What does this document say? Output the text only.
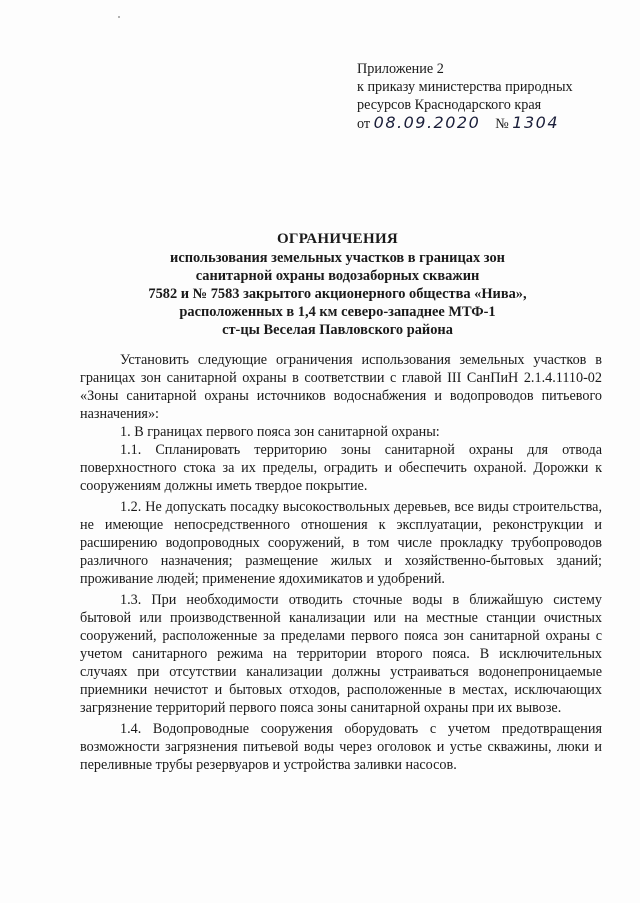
Приложение 2
к приказу министерства природных
ресурсов Краснодарского края
от 08.09.2020 № 1304
ОГРАНИЧЕНИЯ
использования земельных участков в границах зон
санитарной охраны водозаборных скважин
7582 и № 7583 закрытого акционерного общества «Нива»,
расположенных в 1,4 км северо-западнее МТФ-1
ст-цы Веселая Павловского района

Установить следующие ограничения использования земельных участков в границах зон санитарной охраны в соответствии с главой III СанПиН 2.1.4.1110-02 «Зоны санитарной охраны источников водоснабжения и водопроводов питьевого назначения»:

1. В границах первого пояса зон санитарной охраны:

1.1. Спланировать территорию зоны санитарной охраны для отвода поверхностного стока за их пределы, оградить и обеспечить охраной. Дорожки к сооружениям должны иметь твердое покрытие.

1.2. Не допускать посадку высокоствольных деревьев, все виды строительства, не имеющие непосредственного отношения к эксплуатации, реконструкции и расширению водопроводных сооружений, в том числе прокладку трубопроводов различного назначения; размещение жилых и хозяйственно-бытовых зданий; проживание людей; применение ядохимикатов и удобрений.

1.3. При необходимости отводить сточные воды в ближайшую систему бытовой или производственной канализации или на местные станции очистных сооружений, расположенные за пределами первого пояса зон санитарной охраны с учетом санитарного режима на территории второго пояса. В исключительных случаях при отсутствии канализации должны устраиваться водонепроницаемые приемники нечистот и бытовых отходов, расположенные в местах, исключающих загрязнение территорий первого пояса зоны санитарной охраны при их вывозе.

1.4. Водопроводные сооружения оборудовать с учетом предотвращения возможности загрязнения питьевой воды через оголовок и устье скважины, люки и переливные трубы резервуаров и устройства заливки насосов.
